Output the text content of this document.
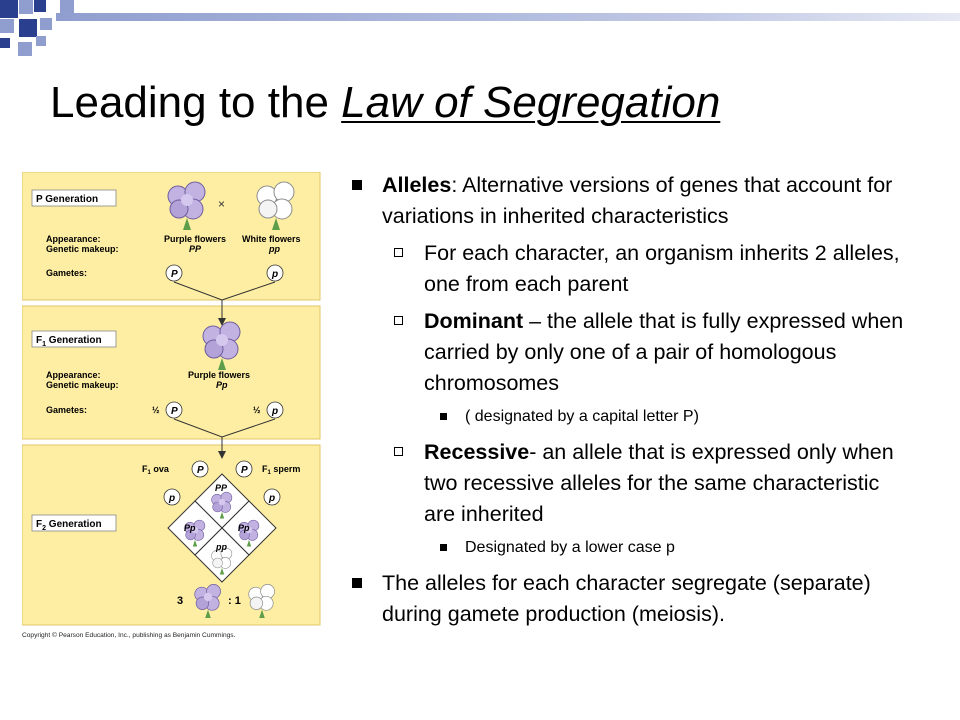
Leading to the Law of Segregation
P Generation
$F_1$ Generation
$F_2$ Generation
×
Appearance:
Genetic makeup:
Purple flowers
PP
White flowers
pp
Gametes:	P	p
Appearance:
Genetic makeup:
Purple flowers
Pp
Gametes:	½ P	½ p
$F_1$ ova	$F_1$ sperm
P	P
p	p
PP
Pp	Pp
pp
3	: 1
Copyright © Pearson Education, Inc., publishing as Benjamin Cummings.
Alleles: Alternative versions of genes that account for variations in inherited characteristics
For each character, an organism inherits 2 alleles, one from each parent
Dominant – the allele that is fully expressed when carried by only one of a pair of homologous chromosomes
( designated by a capital letter P)
Recessive- an allele that is expressed only when two recessive alleles for the same characteristic are inherited
Designated by a lower case p
The alleles for each character segregate (separate) during gamete production (meiosis).
